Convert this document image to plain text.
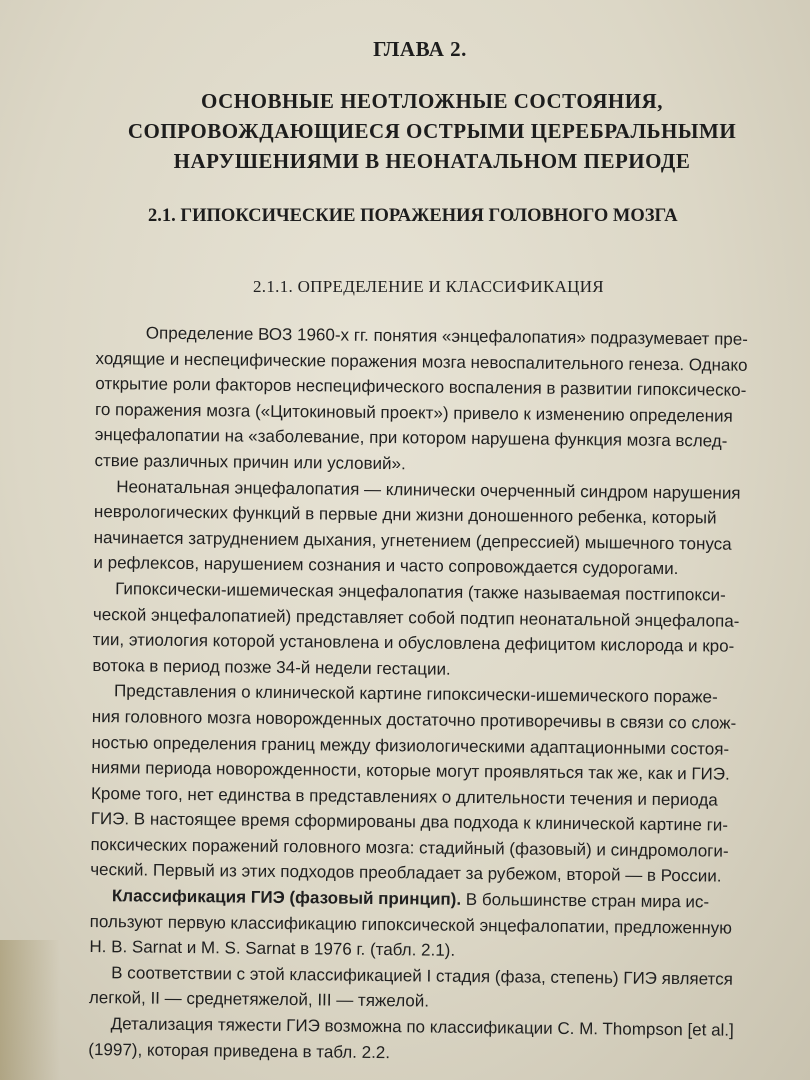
ГЛАВА 2.
ОСНОВНЫЕ НЕОТЛОЖНЫЕ СОСТОЯНИЯ,
СОПРОВОЖДАЮЩИЕСЯ ОСТРЫМИ ЦЕРЕБРАЛЬНЫМИ
НАРУШЕНИЯМИ В НЕОНАТАЛЬНОМ ПЕРИОДЕ
2.1. ГИПОКСИЧЕСКИЕ ПОРАЖЕНИЯ ГОЛОВНОГО МОЗГА
2.1.1. ОПРЕДЕЛЕНИЕ И КЛАССИФИКАЦИЯ
Определение ВОЗ 1960-х гг. понятия «энцефалопатия» подразумевает пре-
ходящие и неспецифические поражения мозга невоспалительного генеза. Однако
открытие роли факторов неспецифического воспаления в развитии гипоксическо-
го поражения мозга («Цитокиновый проект») привело к изменению определения
энцефалопатии на «заболевание, при котором нарушена функция мозга вслед-
ствие различных причин или условий».
Неонатальная энцефалопатия — клинически очерченный синдром нарушения
неврологических функций в первые дни жизни доношенного ребенка, который
начинается затруднением дыхания, угнетением (депрессией) мышечного тонуса
и рефлексов, нарушением сознания и часто сопровождается судорогами.
Гипоксически-ишемическая энцефалопатия (также называемая постгипокси-
ческой энцефалопатией) представляет собой подтип неонатальной энцефалопа-
тии, этиология которой установлена и обусловлена дефицитом кислорода и кро-
вотока в период позже 34-й недели гестации.
Представления о клинической картине гипоксически-ишемического пораже-
ния головного мозга новорожденных достаточно противоречивы в связи со слож-
ностью определения границ между физиологическими адаптационными состоя-
ниями периода новорожденности, которые могут проявляться так же, как и ГИЭ.
Кроме того, нет единства в представлениях о длительности течения и периода
ГИЭ. В настоящее время сформированы два подхода к клинической картине ги-
поксических поражений головного мозга: стадийный (фазовый) и синдромологи-
ческий. Первый из этих подходов преобладает за рубежом, второй — в России.
Классификация ГИЭ (фазовый принцип). В большинстве стран мира ис-
пользуют первую классификацию гипоксической энцефалопатии, предложенную
H. B. Sarnat и M. S. Sarnat в 1976 г. (табл. 2.1).
В соответствии с этой классификацией I стадия (фаза, степень) ГИЭ является
легкой, II — среднетяжелой, III — тяжелой.
Детализация тяжести ГИЭ возможна по классификации C. M. Thompson [et al.]
(1997), которая приведена в табл. 2.2.
